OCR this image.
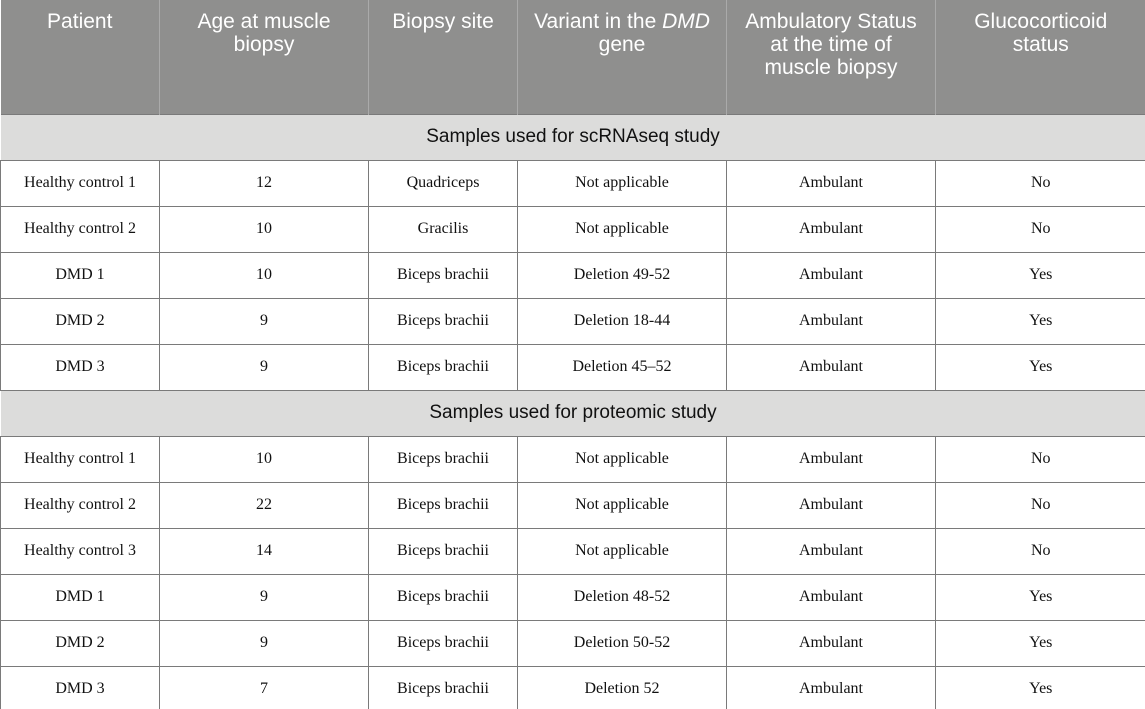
Patient	Age at muscle biopsy	Biopsy site	Variant in the DMD gene	Ambulatory Status at the time of muscle biopsy	Glucocorticoid status
Samples used for scRNAseq study					
Healthy control 1	12	Quadriceps	Not applicable	Ambulant	No
Healthy control 2	10	Gracilis	Not applicable	Ambulant	No
DMD 1	10	Biceps brachii	Deletion 49-52	Ambulant	Yes
DMD 2	9	Biceps brachii	Deletion 18-44	Ambulant	Yes
DMD 3	9	Biceps brachii	Deletion 45–52	Ambulant	Yes
Samples used for proteomic study					
Healthy control 1	10	Biceps brachii	Not applicable	Ambulant	No
Healthy control 2	22	Biceps brachii	Not applicable	Ambulant	No
Healthy control 3	14	Biceps brachii	Not applicable	Ambulant	No
DMD 1	9	Biceps brachii	Deletion 48-52	Ambulant	Yes
DMD 2	9	Biceps brachii	Deletion 50-52	Ambulant	Yes
DMD 3	7	Biceps brachii	Deletion 52	Ambulant	Yes
